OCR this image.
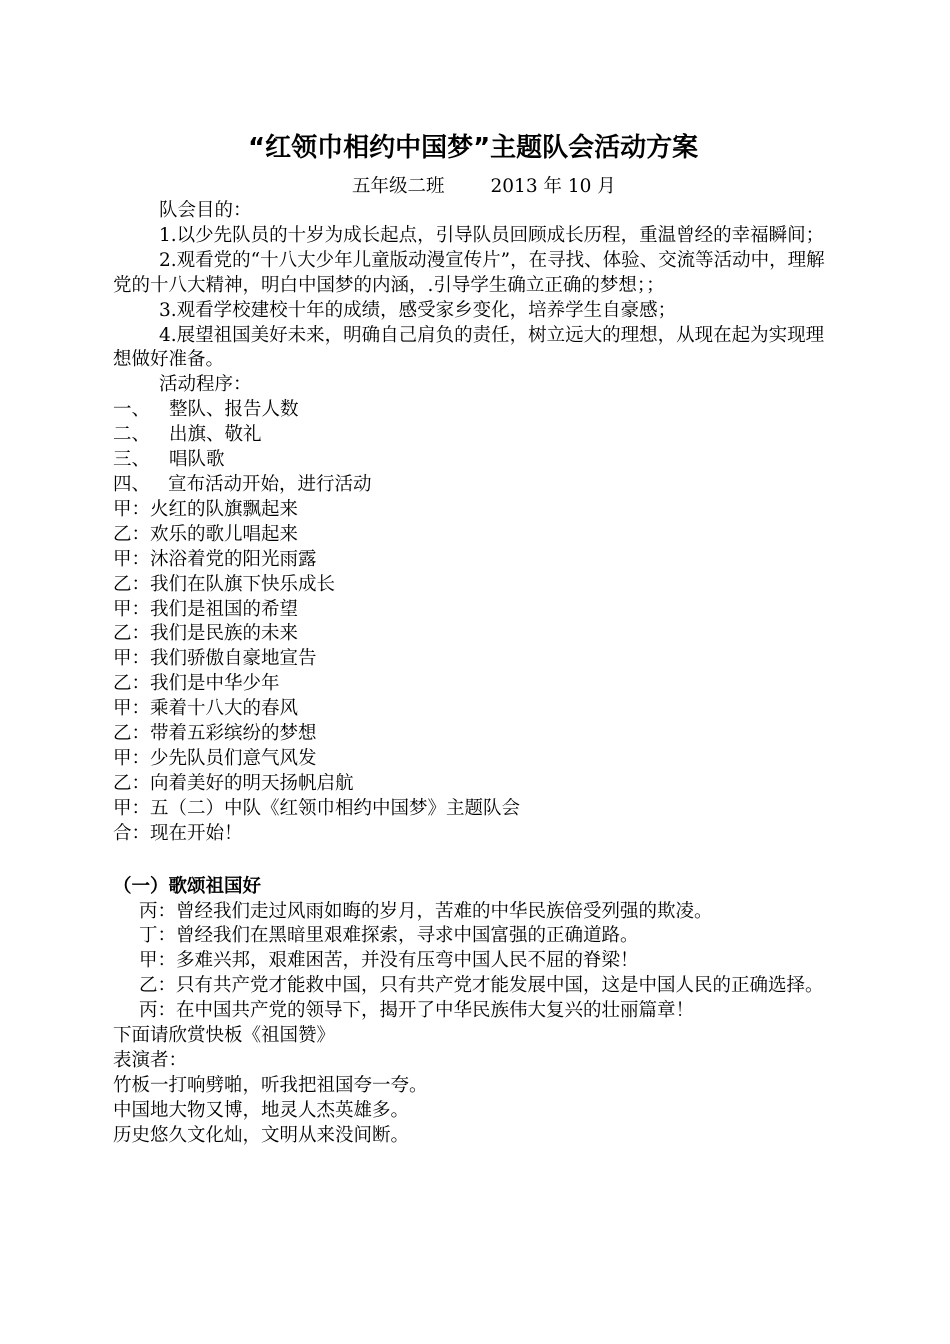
“红领巾相约中国梦”主题队会活动方案
五年级二班 2013 年 10 月

队会目的：

1.以少先队员的十岁为成长起点，引导队员回顾成长历程，重温曾经的幸福瞬间；

2.观看党的“十八大少年儿童版动漫宣传片”，在寻找、体验、交流等活动中，理解党的十八大精神，明白中国梦的内涵，.引导学生确立正确的梦想；；

3.观看学校建校十年的成绩，感受家乡变化，培养学生自豪感；

4.展望祖国美好未来，明确自己肩负的责任，树立远大的理想，从现在起为实现理想做好准备。

活动程序：

一、 整队、报告人数

二、 出旗、敬礼

三、 唱队歌

四、 宣布活动开始，进行活动

甲：火红的队旗飘起来

乙：欢乐的歌儿唱起来

甲：沐浴着党的阳光雨露

乙：我们在队旗下快乐成长

甲：我们是祖国的希望

乙：我们是民族的未来

甲：我们骄傲自豪地宣告

乙：我们是中华少年

甲：乘着十八大的春风

乙：带着五彩缤纷的梦想

甲：少先队员们意气风发

乙：向着美好的明天扬帆启航

甲：五（二）中队《红领巾相约中国梦》主题队会

合：现在开始！

（一）歌颂祖国好

丙：曾经我们走过风雨如晦的岁月，苦难的中华民族倍受列强的欺凌。

丁：曾经我们在黑暗里艰难探索，寻求中国富强的正确道路。

甲：多难兴邦，艰难困苦，并没有压弯中国人民不屈的脊梁！

乙：只有共产党才能救中国，只有共产党才能发展中国，这是中国人民的正确选择。

丙：在中国共产党的领导下，揭开了中华民族伟大复兴的壮丽篇章！

下面请欣赏快板《祖国赞》

表演者：

竹板一打响劈啪，听我把祖国夸一夸。

中国地大物又博，地灵人杰英雄多。

历史悠久文化灿，文明从来没间断。
